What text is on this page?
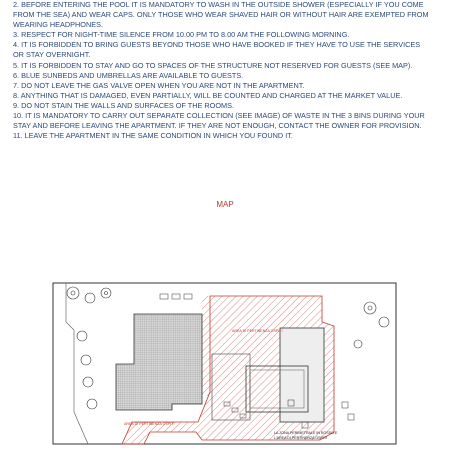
2. BEFORE ENTERING THE POOL IT IS MANDATORY TO WASH IN THE OUTSIDE SHOWER (ESPECIALLY IF YOU COME FROM THE SEA) AND WEAR CAPS. ONLY THOSE WHO WEAR SHAVED HAIR OR WITHOUT HAIR ARE EXEMPTED FROM WEARING HEADPHONES.

3. RESPECT FOR NIGHT-TIME SILENCE FROM 10.00 PM TO 8.00 AM THE FOLLOWING MORNING.

4. IT IS FORBIDDEN TO BRING GUESTS BEYOND THOSE WHO HAVE BOOKED IF THEY HAVE TO USE THE SERVICES OR STAY OVERNIGHT.

5. IT IS FORBIDDEN TO STAY AND GO TO SPACES OF THE STRUCTURE NOT RESERVED FOR GUESTS (SEE MAP).

6. BLUE SUNBEDS AND UMBRELLAS ARE AVAILABLE TO GUESTS.

7. DO NOT LEAVE THE GAS VALVE OPEN WHEN YOU ARE NOT IN THE APARTMENT.

8. ANYTHING THAT IS DAMAGED, EVEN PARTIALLY, WILL BE COUNTED AND CHARGED AT THE MARKET VALUE.

9. DO NOT STAIN THE WALLS AND SURFACES OF THE ROOMS.

10. IT IS MANDATORY TO CARRY OUT SEPARATE COLLECTION (SEE IMAGE) OF WASTE IN THE 3 BINS DURING YOUR STAY AND BEFORE LEAVING THE APARTMENT. IF THEY ARE NOT ENOUGH, CONTACT THE OWNER FOR PROVISION.

11. LEAVE THE APARTMENT IN THE SAME CONDITION IN WHICH YOU FOUND IT.

MAP
AREA DI PERTINENZA OSPITI
AREA DI PERTINENZA OSPITI
LA ZONA PERIMETRALE IN ROSSO E
L'AREA DI PERTINENZA OSPITI
